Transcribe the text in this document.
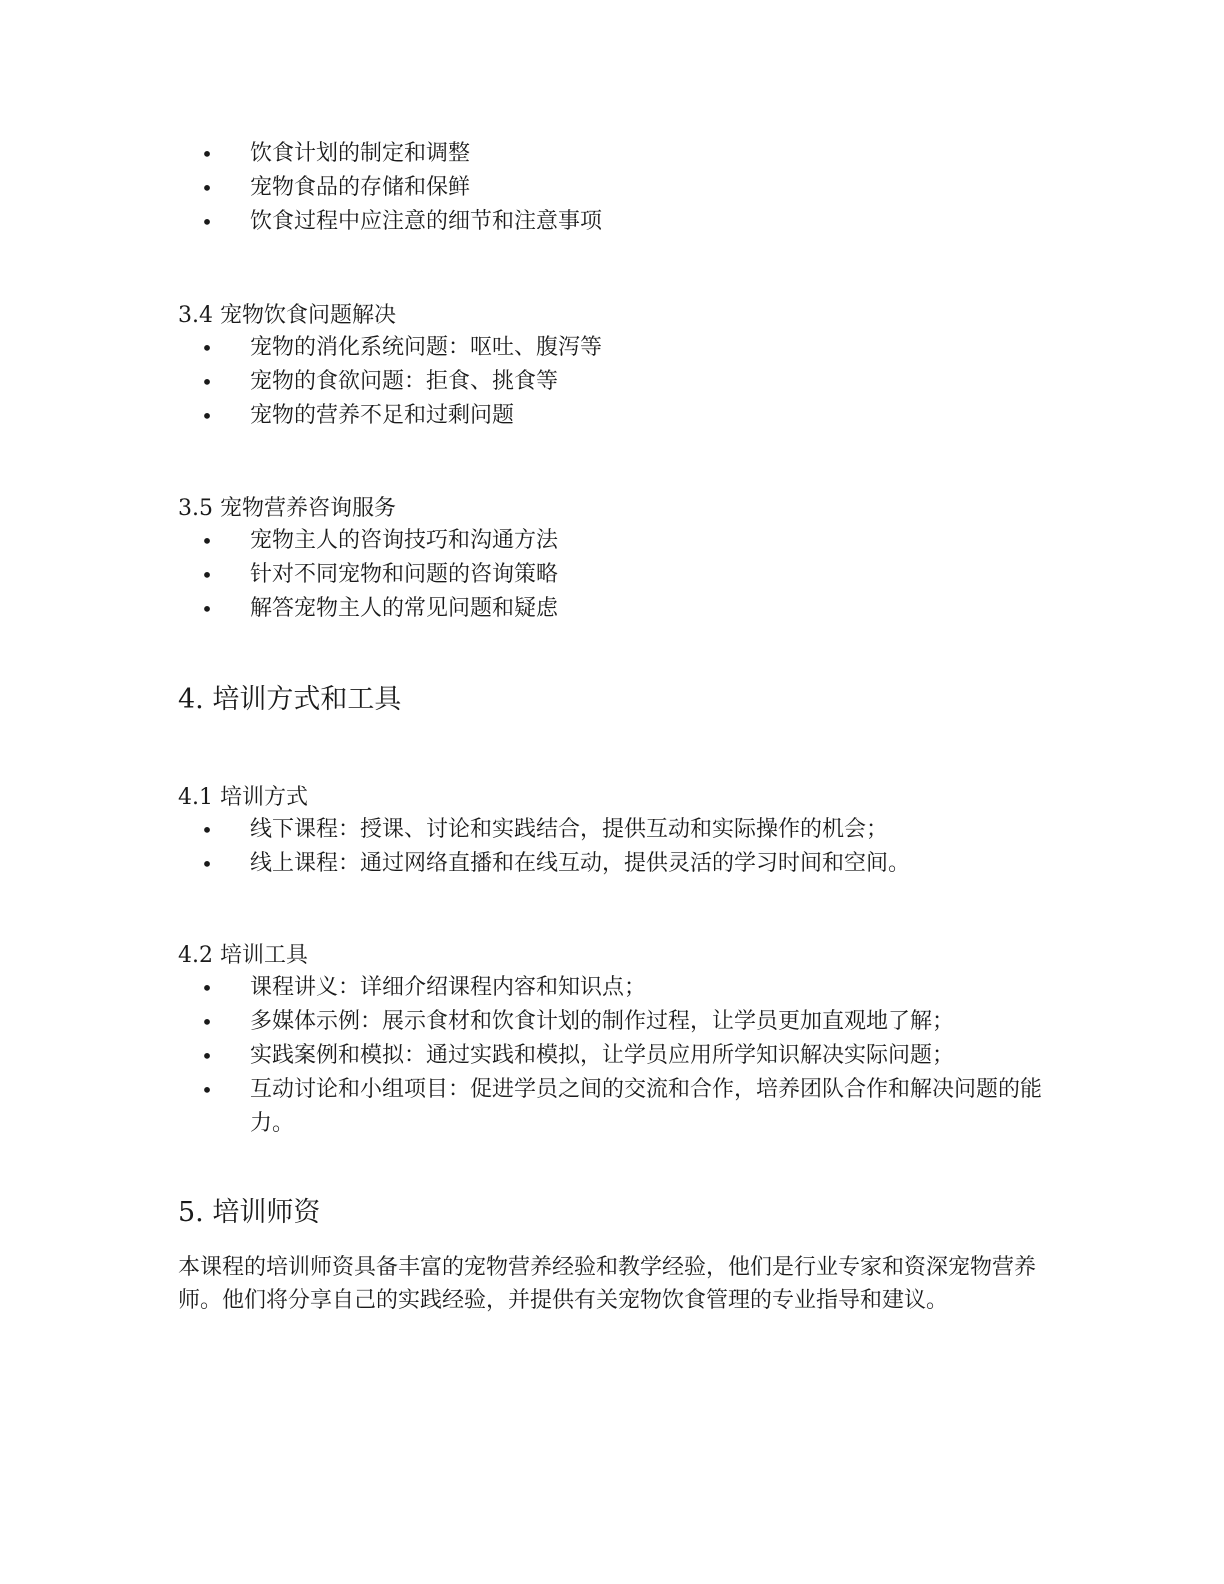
• 饮食计划的制定和调整
• 宠物食品的存储和保鲜
• 饮食过程中应注意的细节和注意事项
3.4 宠物饮食问题解决
• 宠物的消化系统问题：呕吐、腹泻等
• 宠物的食欲问题：拒食、挑食等
• 宠物的营养不足和过剩问题
3.5 宠物营养咨询服务
• 宠物主人的咨询技巧和沟通方法
• 针对不同宠物和问题的咨询策略
• 解答宠物主人的常见问题和疑虑
4. 培训方式和工具
4.1 培训方式
• 线下课程：授课、讨论和实践结合，提供互动和实际操作的机会；
• 线上课程：通过网络直播和在线互动，提供灵活的学习时间和空间。
4.2 培训工具
• 课程讲义：详细介绍课程内容和知识点；
• 多媒体示例：展示食材和饮食计划的制作过程，让学员更加直观地了解；
• 实践案例和模拟：通过实践和模拟，让学员应用所学知识解决实际问题；
• 互动讨论和小组项目：促进学员之间的交流和合作，培养团队合作和解决问题的能力。
5. 培训师资

本课程的培训师资具备丰富的宠物营养经验和教学经验，他们是行业专家和资深宠物营养师。他们将分享自己的实践经验，并提供有关宠物饮食管理的专业指导和建议。
